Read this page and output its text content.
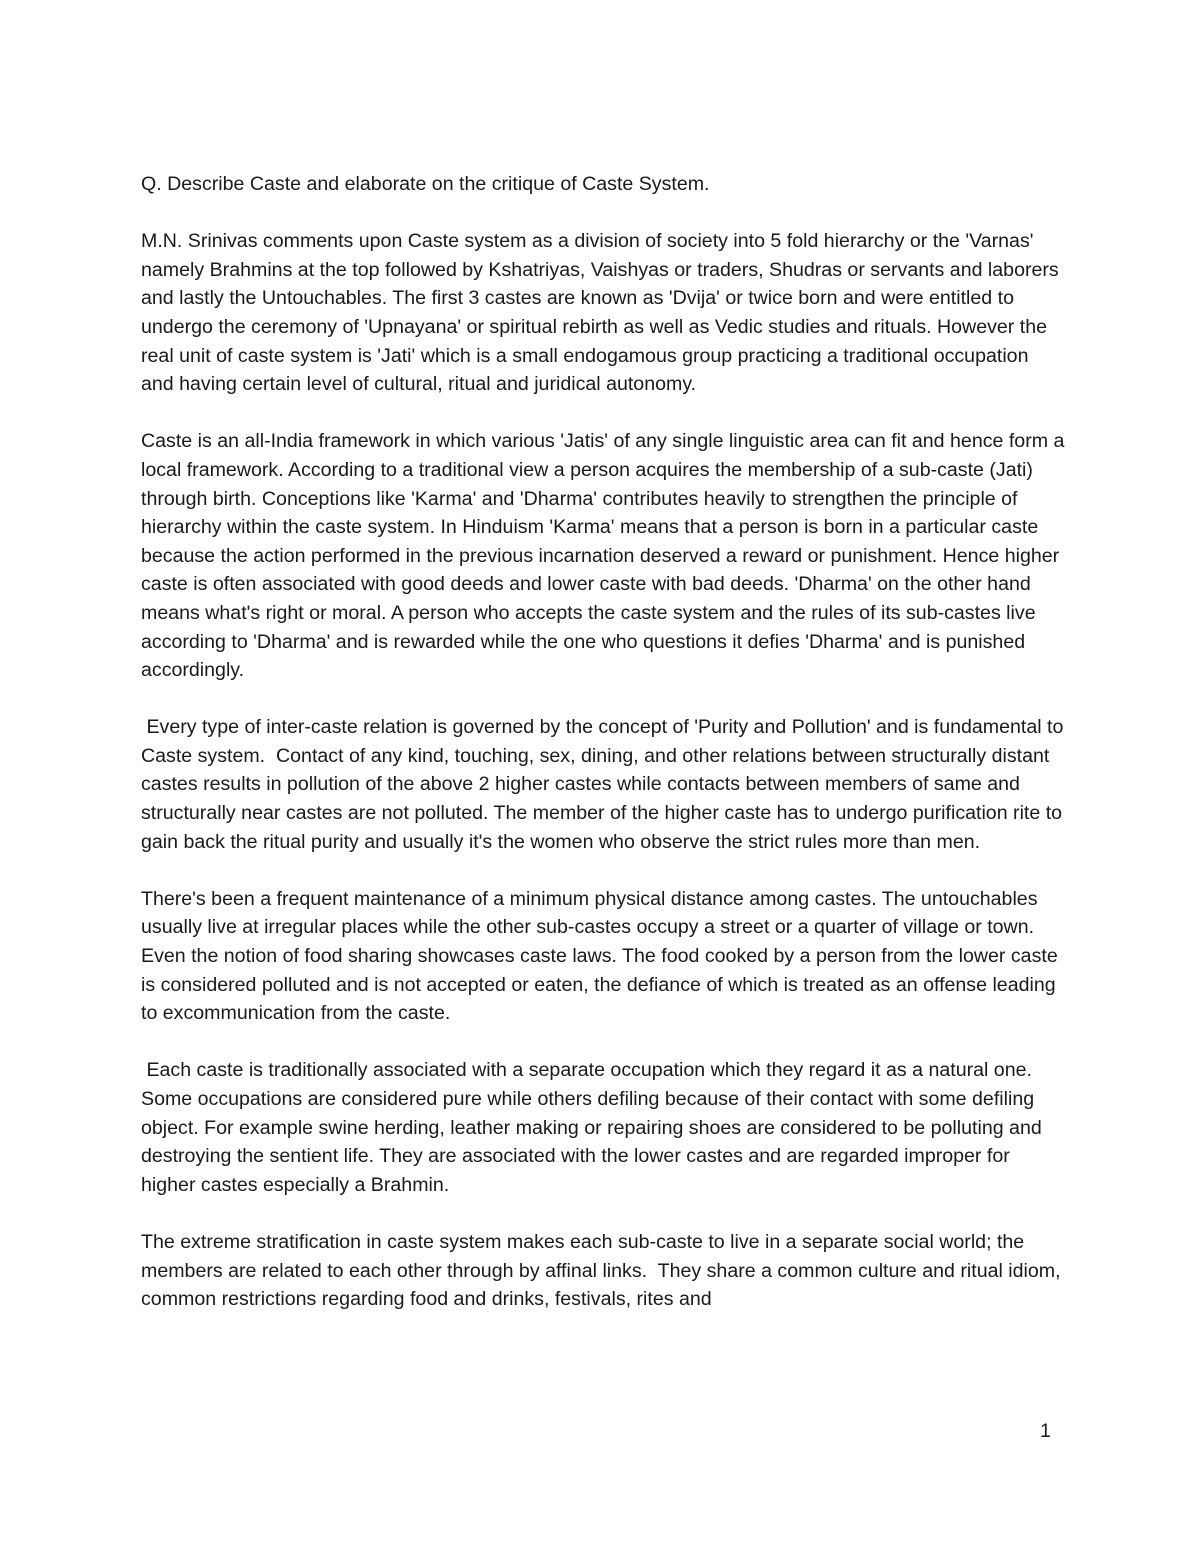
Q. Describe Caste and elaborate on the critique of Caste System.

M.N. Srinivas comments upon Caste system as a division of society into 5 fold hierarchy or the 'Varnas' namely Brahmins at the top followed by Kshatriyas, Vaishyas or traders, Shudras or servants and laborers and lastly the Untouchables. The first 3 castes are known as 'Dvija' or twice born and were entitled to undergo the ceremony of 'Upnayana' or spiritual rebirth as well as Vedic studies and rituals. However the real unit of caste system is 'Jati' which is a small endogamous group practicing a traditional occupation and having certain level of cultural, ritual and juridical autonomy.

Caste is an all-India framework in which various 'Jatis' of any single linguistic area can fit and hence form a local framework. According to a traditional view a person acquires the membership of a sub-caste (Jati) through birth. Conceptions like 'Karma' and 'Dharma' contributes heavily to strengthen the principle of hierarchy within the caste system. In Hinduism 'Karma' means that a person is born in a particular caste because the action performed in the previous incarnation deserved a reward or punishment. Hence higher caste is often associated with good deeds and lower caste with bad deeds. 'Dharma' on the other hand means what's right or moral. A person who accepts the caste system and the rules of its sub-castes live according to 'Dharma' and is rewarded while the one who questions it defies 'Dharma' and is punished accordingly.

Every type of inter-caste relation is governed by the concept of 'Purity and Pollution' and is fundamental to Caste system.  Contact of any kind, touching, sex, dining, and other relations between structurally distant castes results in pollution of the above 2 higher castes while contacts between members of same and structurally near castes are not polluted. The member of the higher caste has to undergo purification rite to gain back the ritual purity and usually it's the women who observe the strict rules more than men.

There's been a frequent maintenance of a minimum physical distance among castes. The untouchables usually live at irregular places while the other sub-castes occupy a street or a quarter of village or town. Even the notion of food sharing showcases caste laws. The food cooked by a person from the lower caste is considered polluted and is not accepted or eaten, the defiance of which is treated as an offense leading to excommunication from the caste.

Each caste is traditionally associated with a separate occupation which they regard it as a natural one. Some occupations are considered pure while others defiling because of their contact with some defiling object. For example swine herding, leather making or repairing shoes are considered to be polluting and destroying the sentient life. They are associated with the lower castes and are regarded improper for higher castes especially a Brahmin.

The extreme stratification in caste system makes each sub-caste to live in a separate social world; the members are related to each other through by affinal links.  They share a common culture and ritual idiom, common restrictions regarding food and drinks, festivals, rites and

1
